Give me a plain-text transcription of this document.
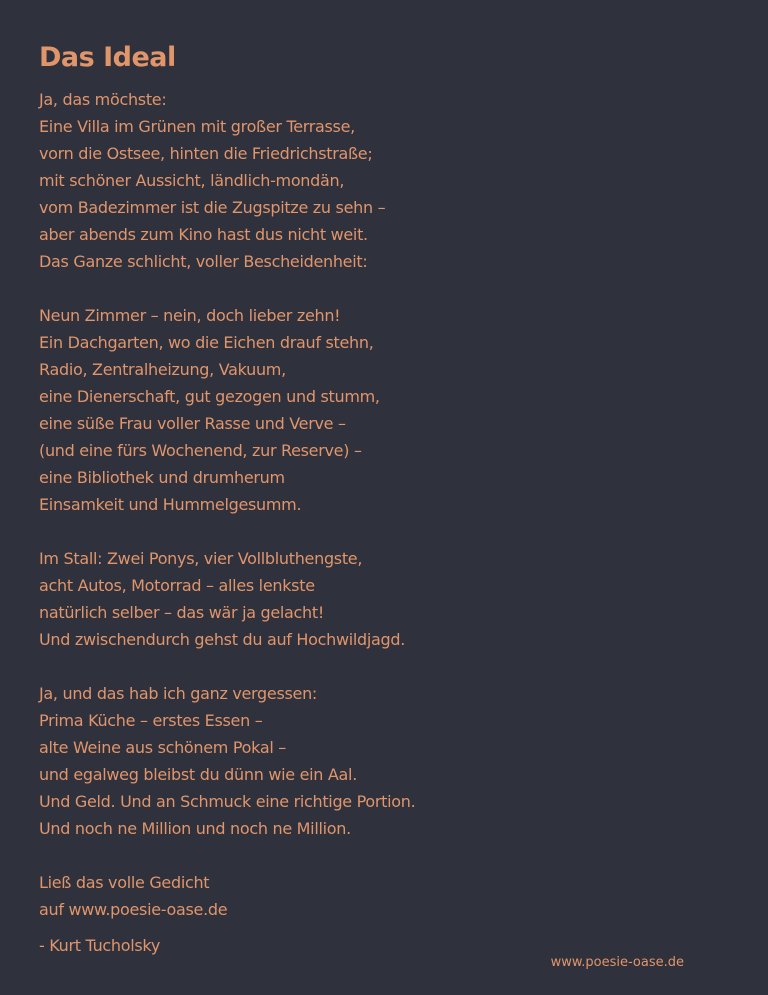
Das Ideal
Ja, das möchste:
Eine Villa im Grünen mit großer Terrasse,
vorn die Ostsee, hinten die Friedrichstraße;
mit schöner Aussicht, ländlich-mondän,
vom Badezimmer ist die Zugspitze zu sehn –
aber abends zum Kino hast dus nicht weit.
Das Ganze schlicht, voller Bescheidenheit:
Neun Zimmer – nein, doch lieber zehn!
Ein Dachgarten, wo die Eichen drauf stehn,
Radio, Zentralheizung, Vakuum,
eine Dienerschaft, gut gezogen und stumm,
eine süße Frau voller Rasse und Verve –
(und eine fürs Wochenend, zur Reserve) –
eine Bibliothek und drumherum
Einsamkeit und Hummelgesumm.
Im Stall: Zwei Ponys, vier Vollbluthengste,
acht Autos, Motorrad – alles lenkste
natürlich selber – das wär ja gelacht!
Und zwischendurch gehst du auf Hochwildjagd.
Ja, und das hab ich ganz vergessen:
Prima Küche – erstes Essen –
alte Weine aus schönem Pokal –
und egalweg bleibst du dünn wie ein Aal.
Und Geld. Und an Schmuck eine richtige Portion.
Und noch ne Million und noch ne Million.
Ließ das volle Gedicht
auf www.poesie-oase.de
- Kurt Tucholsky
www.poesie-oase.de
